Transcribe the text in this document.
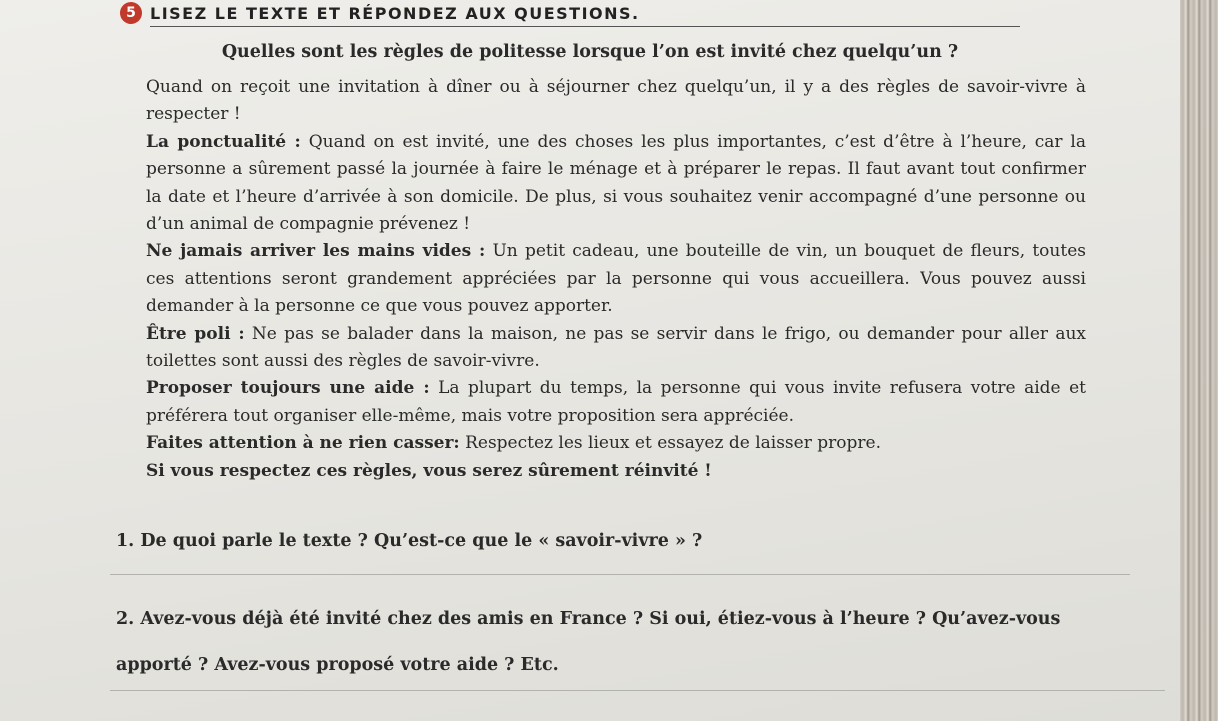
5 LISEZ LE TEXTE ET RÉPONDEZ AUX QUESTIONS.
Quelles sont les règles de politesse lorsque l’on est invité chez quelqu’un ?

Quand on reçoit une invitation à dîner ou à séjourner chez quelqu’un, il y a des règles de savoir-vivre à respecter !

La ponctualité : Quand on est invité, une des choses les plus importantes, c’est d’être à l’heure, car la personne a sûrement passé la journée à faire le ménage et à préparer le repas. Il faut avant tout confirmer la date et l’heure d’arrivée à son domicile. De plus, si vous souhaitez venir accompagné d’une personne ou d’un animal de compagnie prévenez !

Ne jamais arriver les mains vides : Un petit cadeau, une bouteille de vin, un bouquet de fleurs, toutes ces attentions seront grandement appréciées par la personne qui vous accueillera. Vous pouvez aussi demander à la personne ce que vous pouvez apporter.

Être poli : Ne pas se balader dans la maison, ne pas se servir dans le frigo, ou demander pour aller aux toilettes sont aussi des règles de savoir-vivre.

Proposer toujours une aide : La plupart du temps, la personne qui vous invite refusera votre aide et préférera tout organiser elle-même, mais votre proposition sera appréciée.

Faites attention à ne rien casser: Respectez les lieux et essayez de laisser propre.

Si vous respectez ces règles, vous serez sûrement réinvité !

1. De quoi parle le texte ? Qu’est-ce que le « savoir-vivre » ?
2. Avez-vous déjà été invité chez des amis en France ? Si oui, étiez-vous à l’heure ? Qu’avez-vous apporté ? Avez-vous proposé votre aide ? Etc.
